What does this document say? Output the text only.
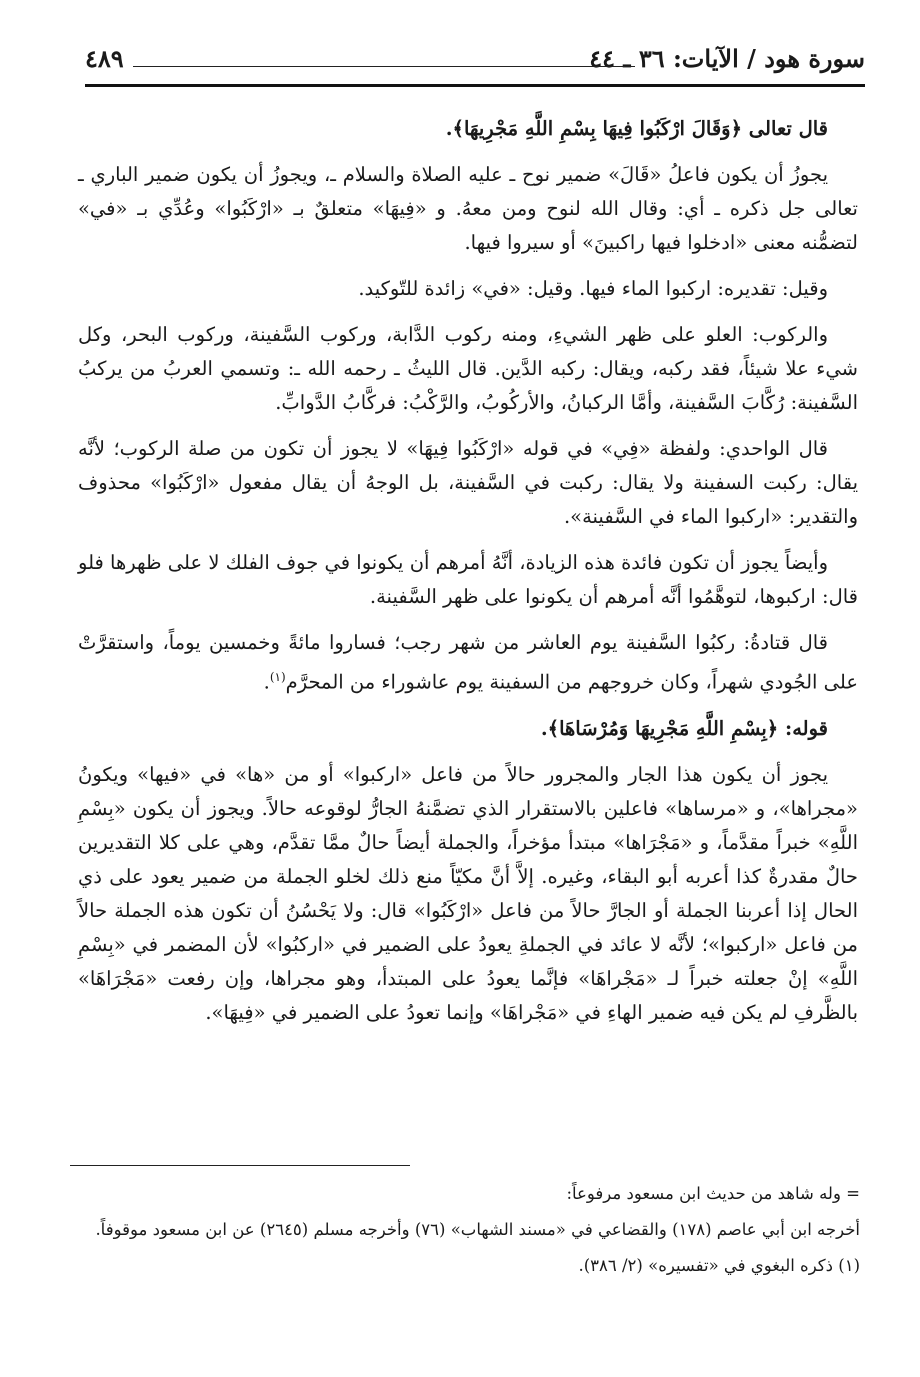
سورة هود / الآيات: ٣٦ ـ ٤٤
٤٨٩

قال تعالى ﴿وَقَالَ ارْكَبُوا فِيهَا بِسْمِ اللَّهِ مَجْرِيهَا﴾.

يجوزُ أن يكون فاعلُ «قَالَ» ضمير نوح ـ عليه الصلاة والسلام ـ، ويجوزُ أن يكون ضمير الباري ـ تعالى جل ذكره ـ أي: وقال الله لنوح ومن معهُ. و «فِيهَا» متعلقٌ بـ «ارْكَبُوا» وعُدِّي بـ «في» لتضمُّنه معنى «ادخلوا فيها راكبينَ» أو سيروا فيها.

وقيل: تقديره: اركبوا الماء فيها. وقيل: «في» زائدة للتّوكيد.

والركوب: العلو على ظهر الشيءِ، ومنه ركوب الدَّابة، وركوب السَّفينة، وركوب البحر، وكل شيء علا شيئاً، فقد ركبه، ويقال: ركبه الدَّين. قال الليثُ ـ رحمه الله ـ: وتسمي العربُ من يركبُ السَّفينة: رُكَّابَ السَّفينة، وأمَّا الركبانُ، والأركُوبُ، والرَّكْبُ: فركَّابُ الدَّوابِّ.

قال الواحدي: ولفظة «فِي» في قوله «ارْكَبُوا فِيهَا» لا يجوز أن تكون من صلة الركوب؛ لأنَّه يقال: ركبت السفينة ولا يقال: ركبت في السَّفينة، بل الوجهُ أن يقال مفعول «ارْكَبُوا» محذوف والتقدير: «اركبوا الماء في السَّفينة».

وأيضاً يجوز أن تكون فائدة هذه الزيادة، أنَّهُ أمرهم أن يكونوا في جوف الفلك لا على ظهرها فلو قال: اركبوها، لتوهَّمُوا أنَّه أمرهم أن يكونوا على ظهر السَّفينة.

قال قتادةُ: ركبُوا السَّفينة يوم العاشر من شهر رجب؛ فساروا مائةً وخمسين يوماً، واستقرَّتْ على الجُودي شهراً، وكان خروجهم من السفينة يوم عاشوراء من المحرَّم$^{(١)}$.

قوله: ﴿بِسْمِ اللَّهِ مَجْرِيهَا وَمُرْسَاهَا﴾.

يجوز أن يكون هذا الجار والمجرور حالاً من فاعل «اركبوا» أو من «ها» في «فيها» ويكونُ «مجراها»، و «مرساها» فاعلين بالاستقرار الذي تضمَّنهُ الجارُّ لوقوعه حالاً. ويجوز أن يكون «بِسْمِ اللَّهِ» خبراً مقدَّماً، و «مَجْرَاها» مبتدأ مؤخراً، والجملة أيضاً حالٌ ممَّا تقدَّم، وهي على كلا التقديرين حالٌ مقدرةٌ كذا أعربه أبو البقاء، وغيره. إلاَّ أنَّ مكيّاً منع ذلك لخلو الجملة من ضمير يعود على ذي الحال إذا أعربنا الجملة أو الجارَّ حالاً من فاعل «ارْكَبُوا» قال: ولا يَحْسُنُ أن تكون هذه الجملة حالاً من فاعل «اركبوا»؛ لأنَّه لا عائد في الجملةِ يعودُ على الضمير في «اركبُوا» لأن المضمر في «بِسْمِ اللَّهِ» إنْ جعلته خبراً لـ «مَجْراهَا» فإنَّما يعودُ على المبتدأ، وهو مجراها، وإن رفعت «مَجْرَاهَا» بالظَّرفِ لم يكن فيه ضمير الهاءِ في «مَجْراهَا» وإنما تعودُ على الضمير في «فِيهَا».

= وله شاهد من حديث ابن مسعود مرفوعاً:

أخرجه ابن أبي عاصم (١٧٨) والقضاعي في «مسند الشهاب» (٧٦) وأخرجه مسلم (٢٦٤٥) عن ابن مسعود موقوفاً.

(١) ذكره البغوي في «تفسيره» (٢/ ٣٨٦).
